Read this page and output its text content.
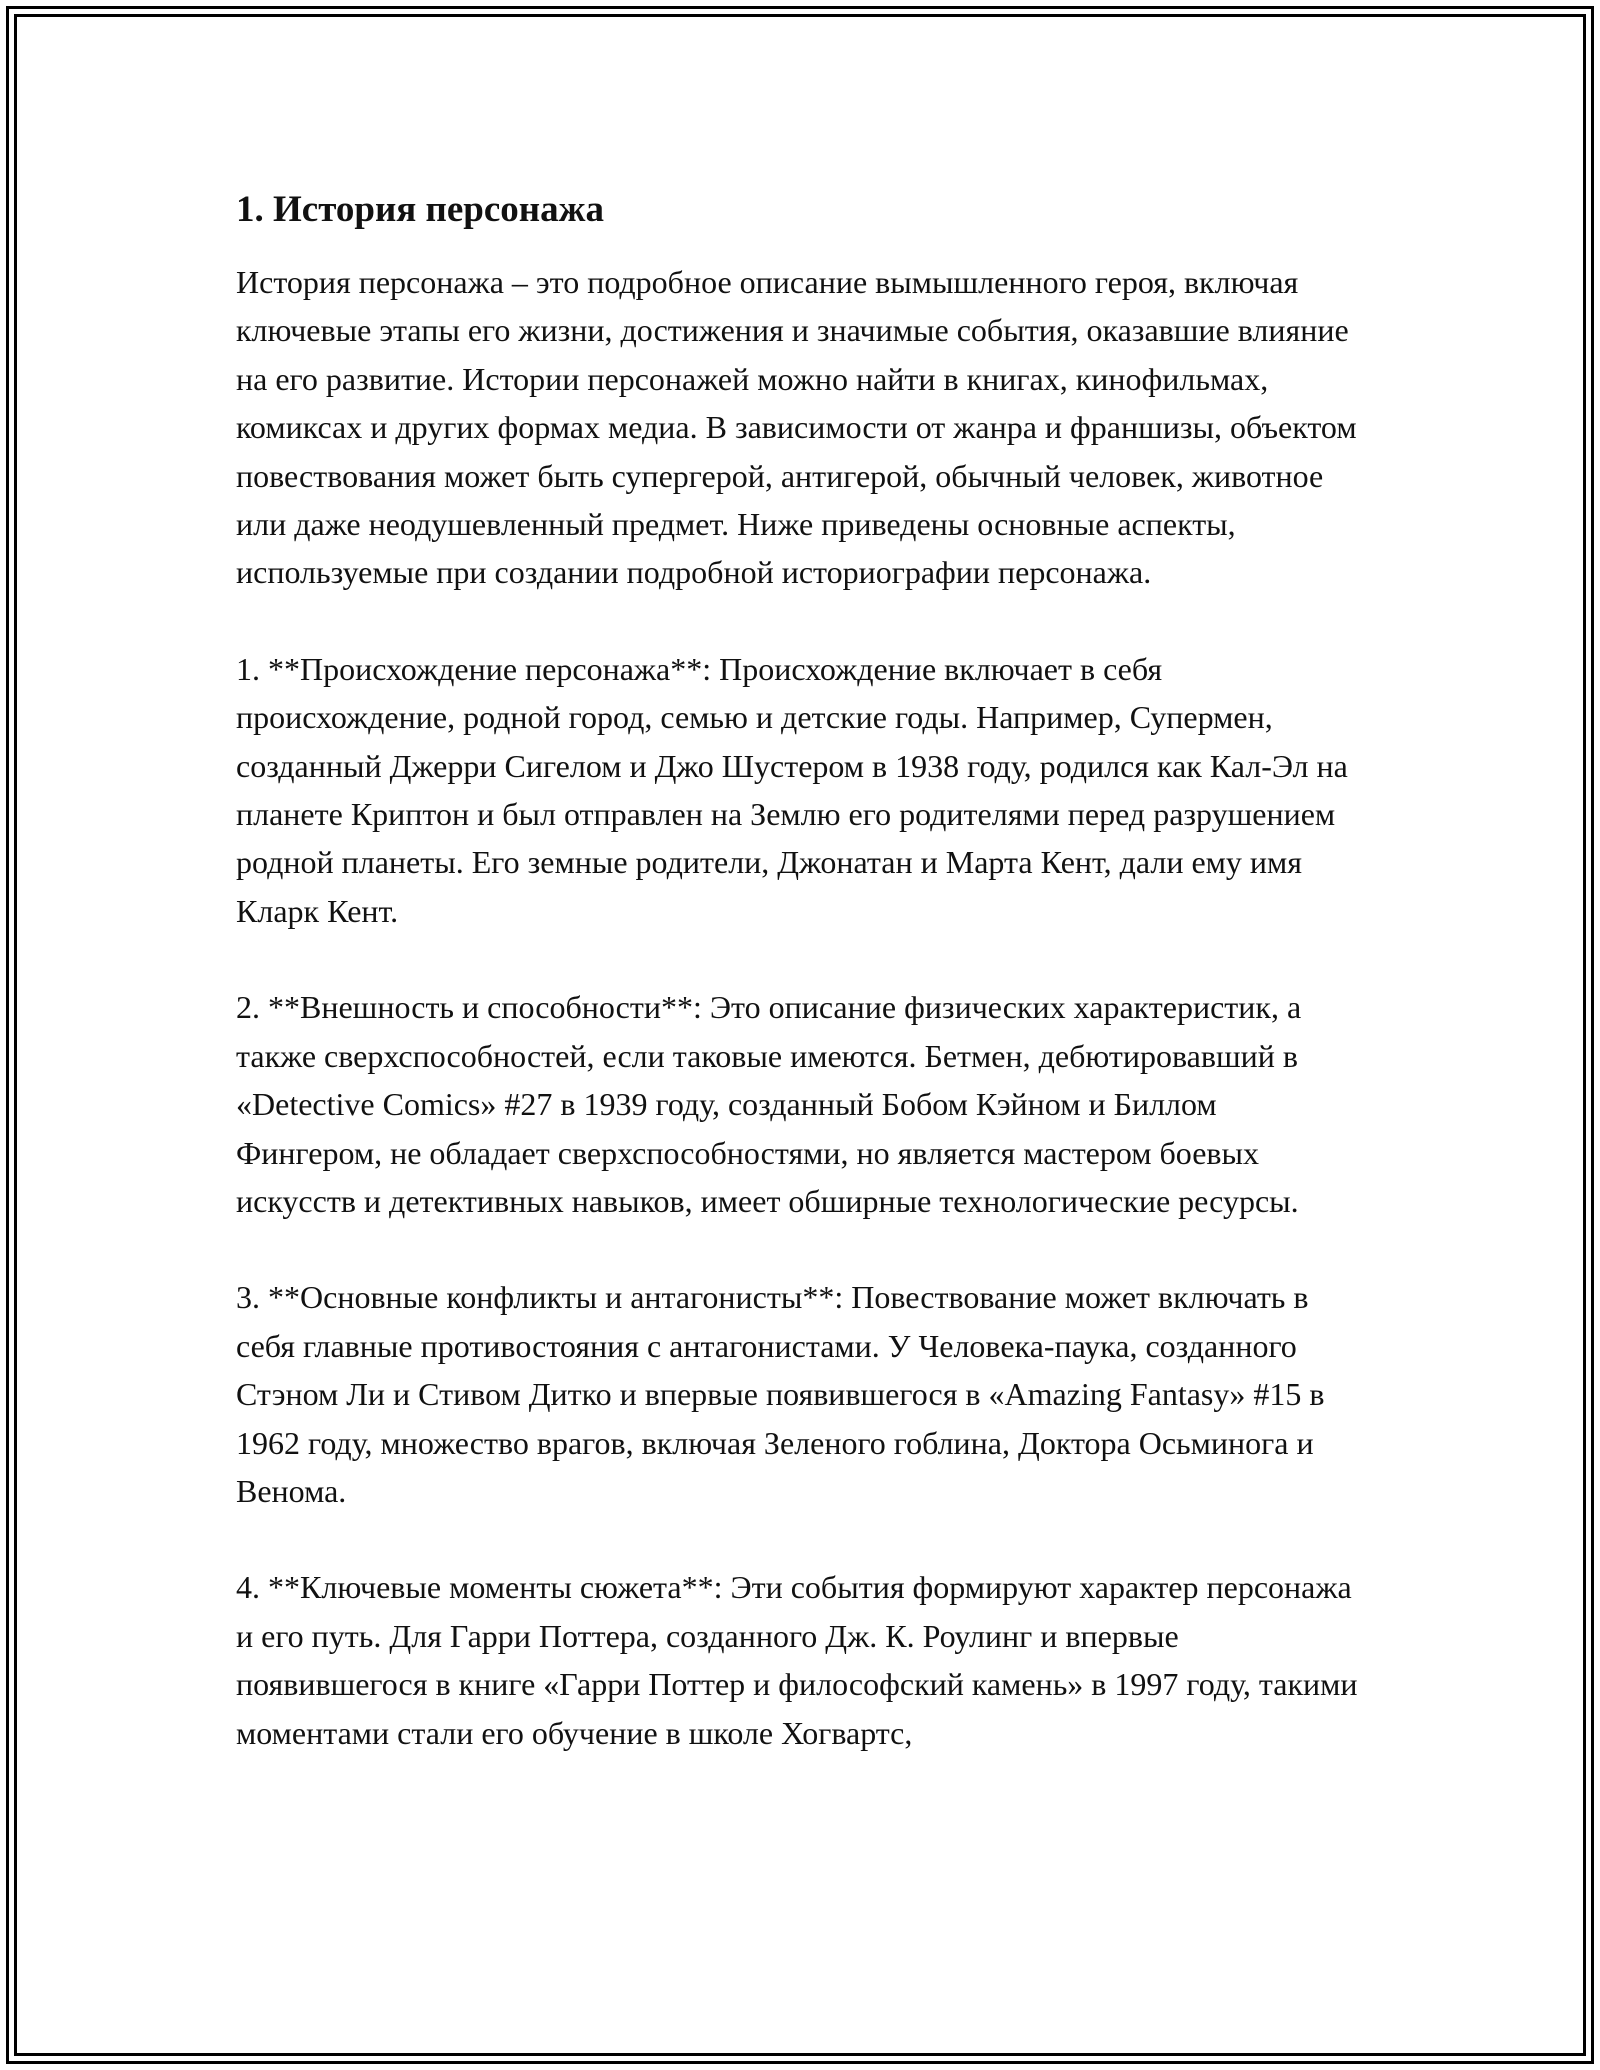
1. История персонажа

История персонажа – это подробное описание вымышленного героя, включая ключевые этапы его жизни, достижения и значимые события, оказавшие влияние на его развитие. Истории персонажей можно найти в книгах, кинофильмах, комиксах и других формах медиа. В зависимости от жанра и франшизы, объектом повествования может быть супергерой, антигерой, обычный человек, животное или даже неодушевленный предмет. Ниже приведены основные аспекты, используемые при создании подробной историографии персонажа.

1. **Происхождение персонажа**: Происхождение включает в себя происхождение, родной город, семью и детские годы. Например, Супермен, созданный Джерри Сигелом и Джо Шустером в 1938 году, родился как Кал-Эл на планете Криптон и был отправлен на Землю его родителями перед разрушением родной планеты. Его земные родители, Джонатан и Марта Кент, дали ему имя Кларк Кент.

2. **Внешность и способности**: Это описание физических характеристик, а также сверхспособностей, если таковые имеются. Бетмен, дебютировавший в «Detective Comics» #27 в 1939 году, созданный Бобом Кэйном и Биллом Фингером, не обладает сверхспособностями, но является мастером боевых искусств и детективных навыков, имеет обширные технологические ресурсы.

3. **Основные конфликты и антагонисты**: Повествование может включать в себя главные противостояния с антагонистами. У Человека-паука, созданного Стэном Ли и Стивом Дитко и впервые появившегося в «Amazing Fantasy» #15 в 1962 году, множество врагов, включая Зеленого гоблина, Доктора Осьминога и Венома.

4. **Ключевые моменты сюжета**: Эти события формируют характер персонажа и его путь. Для Гарри Поттера, созданного Дж. К. Роулинг и впервые появившегося в книге «Гарри Поттер и философский камень» в 1997 году, такими моментами стали его обучение в школе Хогвартс,
